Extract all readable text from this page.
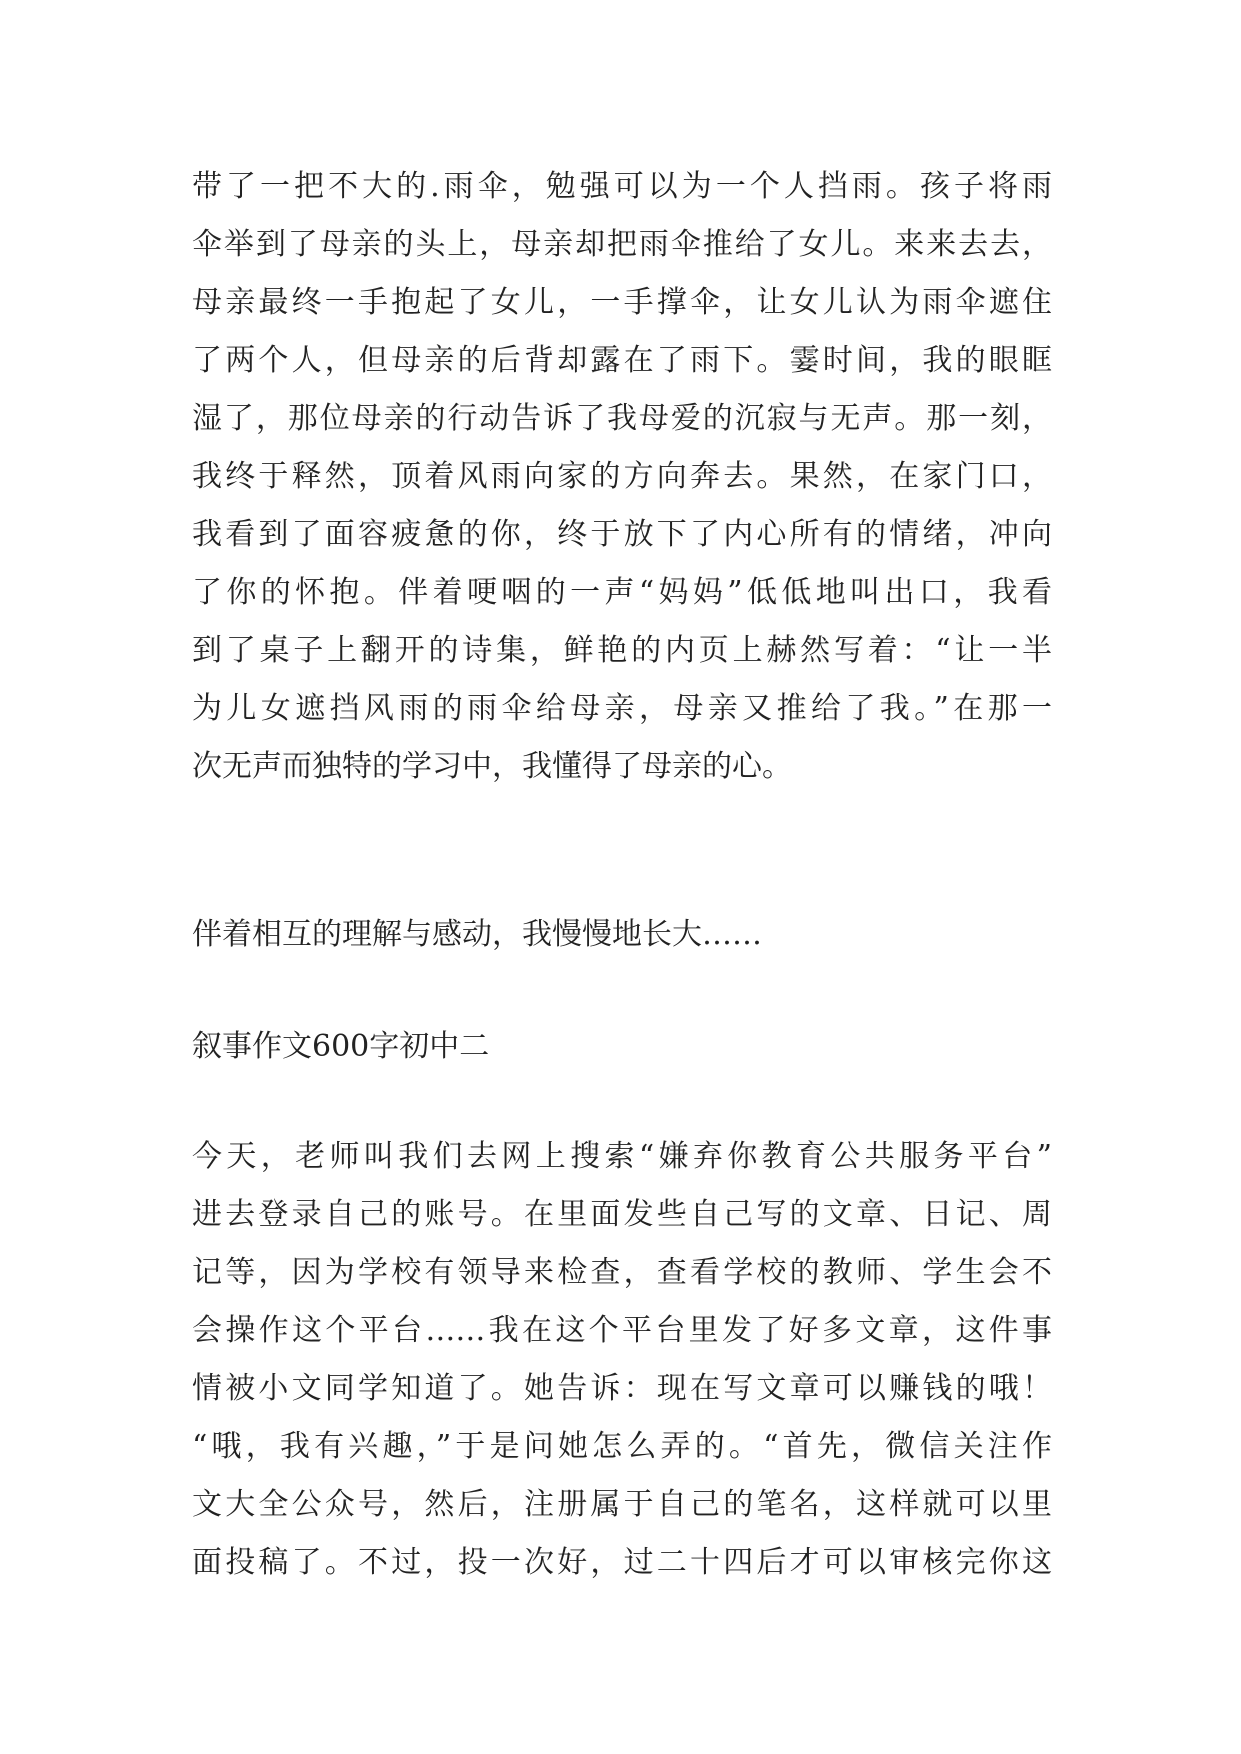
带了一把不大的.雨伞，勉强可以为一个人挡雨。孩子将雨
伞举到了母亲的头上，母亲却把雨伞推给了女儿。来来去去，
母亲最终一手抱起了女儿，一手撑伞，让女儿认为雨伞遮住
了两个人，但母亲的后背却露在了雨下。霎时间，我的眼眶
湿了，那位母亲的行动告诉了我母爱的沉寂与无声。那一刻，
我终于释然，顶着风雨向家的方向奔去。果然，在家门口，
我看到了面容疲惫的你，终于放下了内心所有的情绪，冲向
了你的怀抱。伴着哽咽的一声“妈妈”低低地叫出口，我看
到了桌子上翻开的诗集，鲜艳的内页上赫然写着：“让一半
为儿女遮挡风雨的雨伞给母亲，母亲又推给了我。”在那一
次无声而独特的学习中，我懂得了母亲的心。
伴着相互的理解与感动，我慢慢地长大……
叙事作文600字初中二
今天，老师叫我们去网上搜索“嫌弃你教育公共服务平台”
进去登录自己的账号。在里面发些自己写的文章、日记、周
记等，因为学校有领导来检查，查看学校的教师、学生会不
会操作这个平台……我在这个平台里发了好多文章，这件事
情被小文同学知道了。她告诉：现在写文章可以赚钱的哦！
“哦，我有兴趣，”于是问她怎么弄的。“首先，微信关注作
文大全公众号，然后，注册属于自己的笔名，这样就可以里
面投稿了。不过，投一次好，过二十四后才可以审核完你这
